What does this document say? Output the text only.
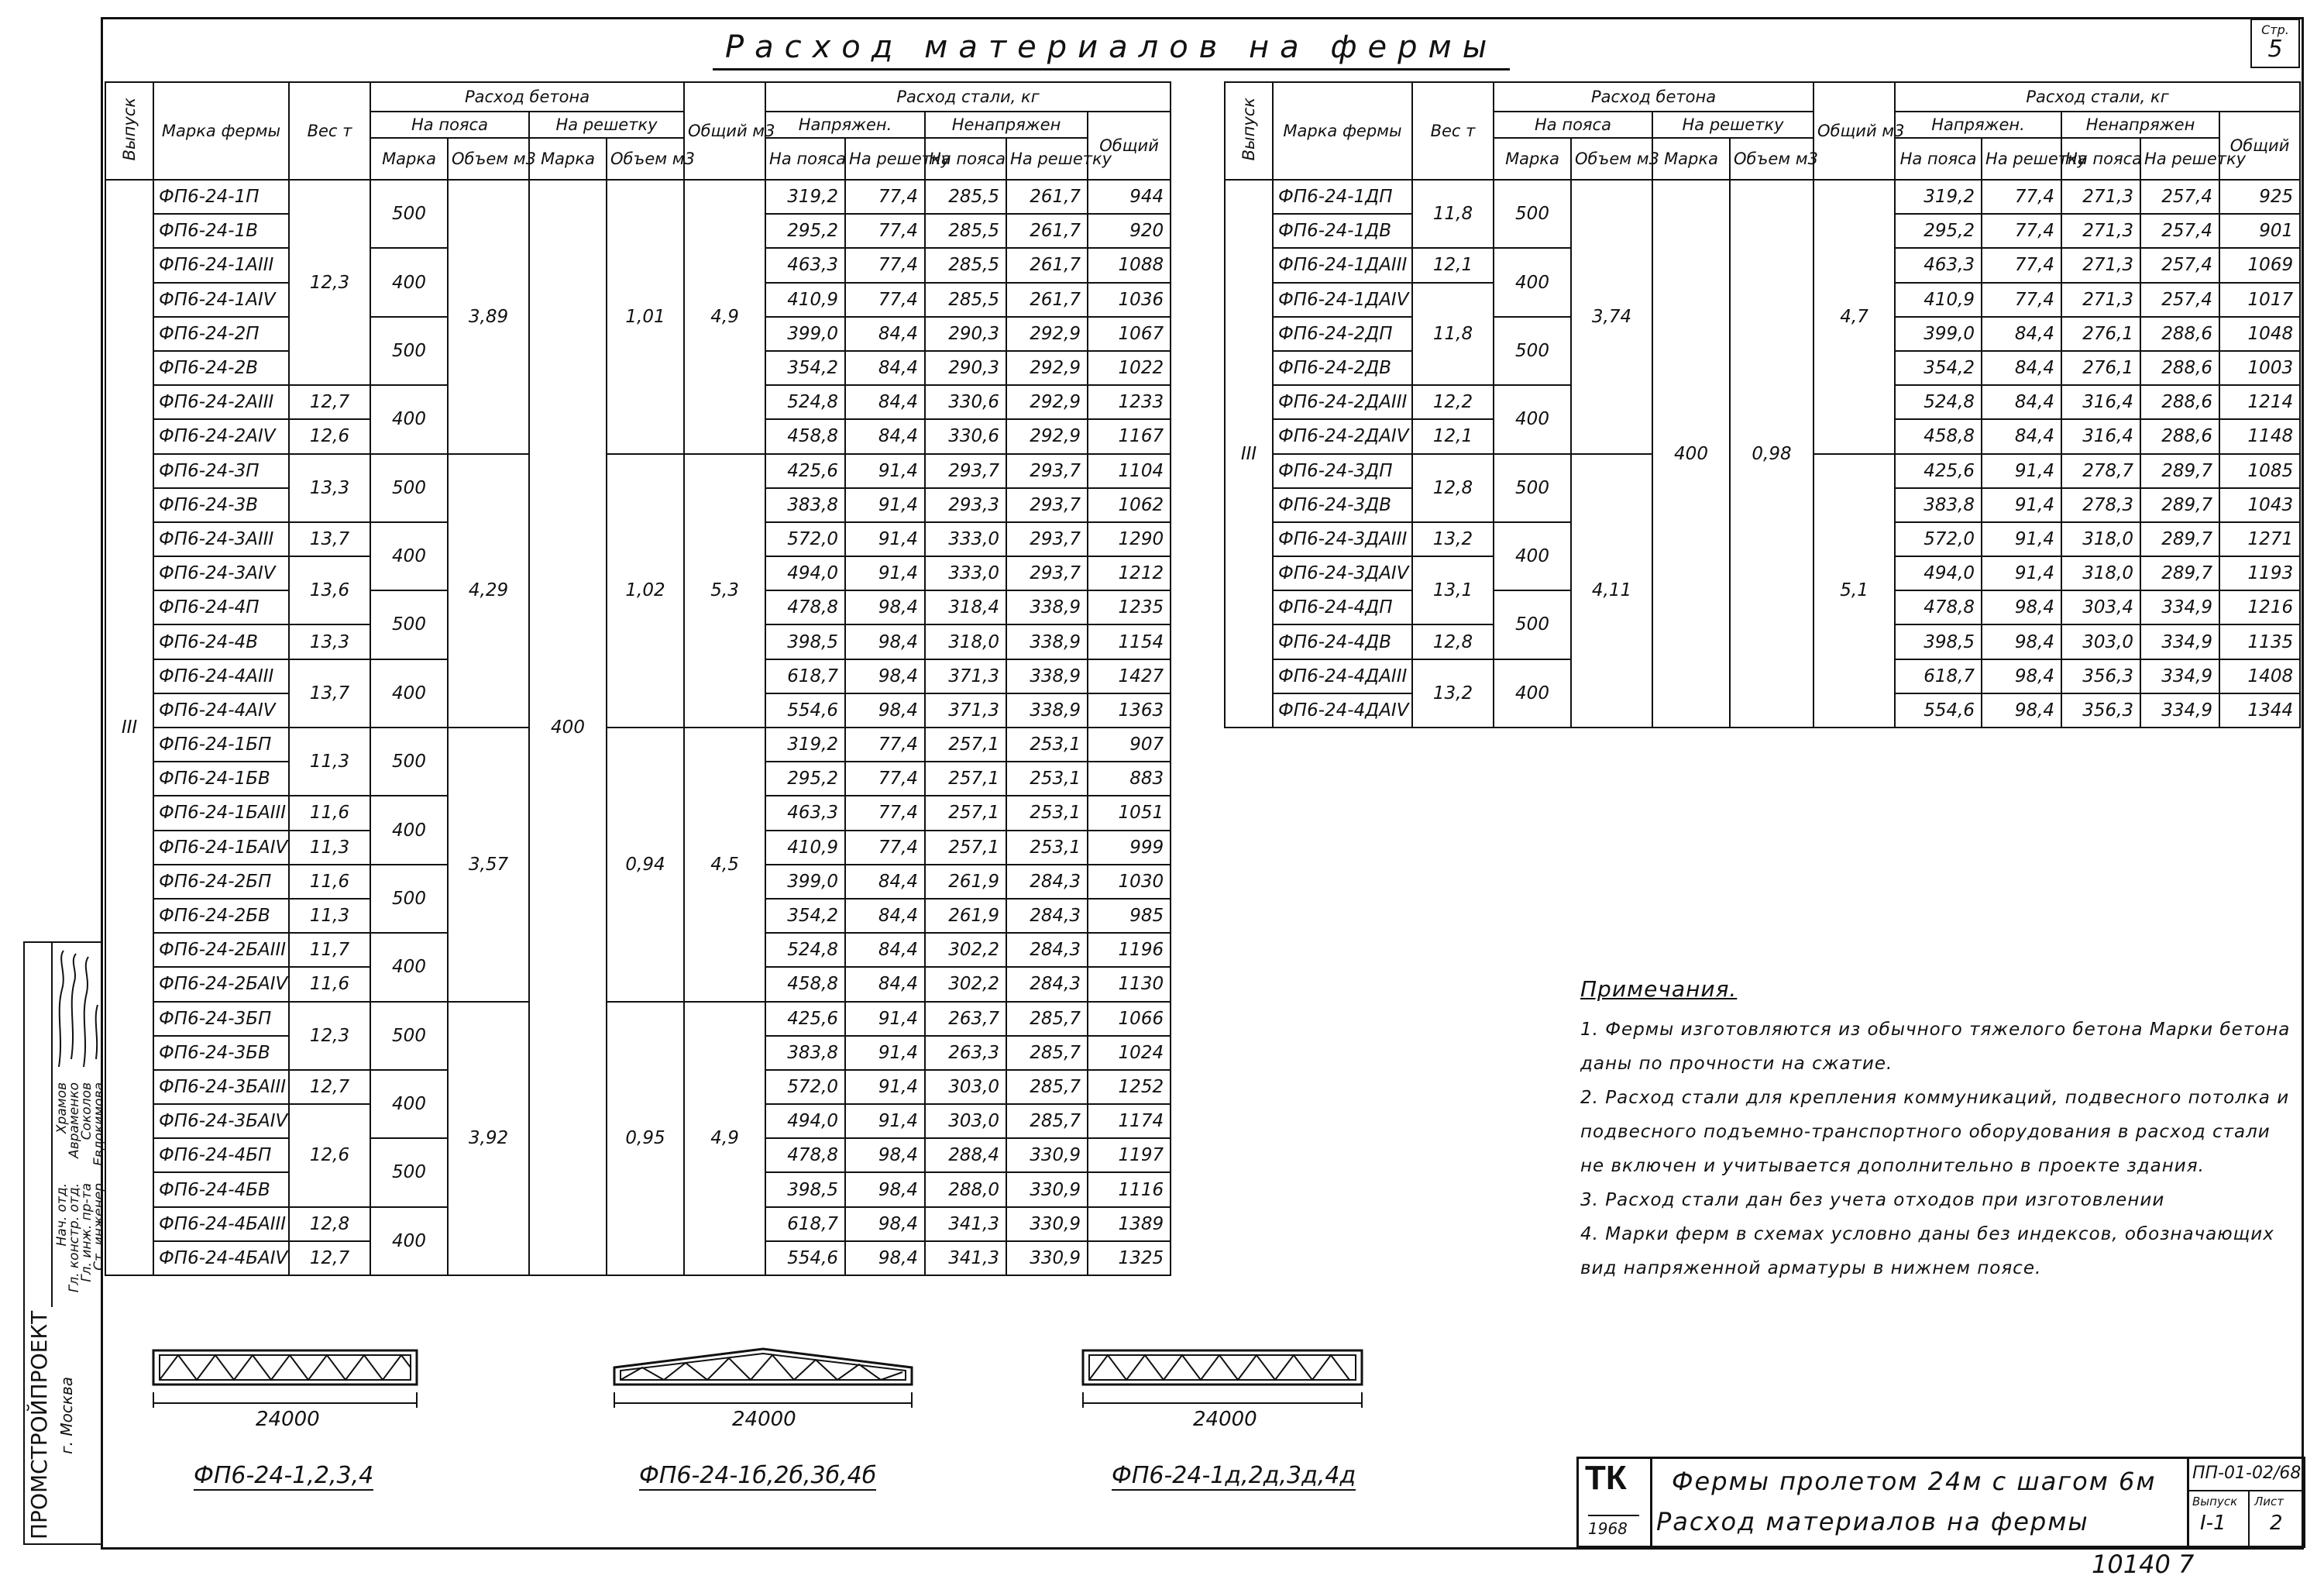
Расход материалов на фермы	Стр.
5
Выпуск	Марка фермы	Вес т	Расход бетона				Общий м3	Расход стали, кг				
			На пояса		На решетку			Напряжен.		Ненапряжен		Общий
			Марка	Объем м3	Марка	Объем м3		На пояса	На решетку	На пояса	На решетку	
III	ФП6-24-1П	12,3	500	3,89	400	1,01	4,9	319,2	77,4	285,5	261,7	944
	ФП6-24-1В							295,2	77,4	285,5	261,7	920
	ФП6-24-1АIII		400					463,3	77,4	285,5	261,7	1088
	ФП6-24-1АIV							410,9	77,4	285,5	261,7	1036
	ФП6-24-2П		500					399,0	84,4	290,3	292,9	1067
	ФП6-24-2В							354,2	84,4	290,3	292,9	1022
	ФП6-24-2АIII	12,7	400					524,8	84,4	330,6	292,9	1233
	ФП6-24-2АIV	12,6						458,8	84,4	330,6	292,9	1167
	ФП6-24-3П	13,3	500	4,29		1,02	5,3	425,6	91,4	293,7	293,7	1104
	ФП6-24-3В							383,8	91,4	293,3	293,7	1062
	ФП6-24-3АIII	13,7	400					572,0	91,4	333,0	293,7	1290
	ФП6-24-3АIV	13,6						494,0	91,4	333,0	293,7	1212
	ФП6-24-4П		500					478,8	98,4	318,4	338,9	1235
	ФП6-24-4В	13,3						398,5	98,4	318,0	338,9	1154
	ФП6-24-4АIII	13,7	400					618,7	98,4	371,3	338,9	1427
	ФП6-24-4АIV							554,6	98,4	371,3	338,9	1363
	ФП6-24-1БП	11,3	500	3,57		0,94	4,5	319,2	77,4	257,1	253,1	907
	ФП6-24-1БВ							295,2	77,4	257,1	253,1	883
	ФП6-24-1БАIII	11,6	400					463,3	77,4	257,1	253,1	1051
	ФП6-24-1БАIV	11,3						410,9	77,4	257,1	253,1	999
	ФП6-24-2БП	11,6	500					399,0	84,4	261,9	284,3	1030
	ФП6-24-2БВ	11,3						354,2	84,4	261,9	284,3	985
	ФП6-24-2БАIII	11,7	400					524,8	84,4	302,2	284,3	1196
	ФП6-24-2БАIV	11,6						458,8	84,4	302,2	284,3	1130
	ФП6-24-3БП	12,3	500	3,92		0,95	4,9	425,6	91,4	263,7	285,7	1066
	ФП6-24-3БВ							383,8	91,4	263,3	285,7	1024
	ФП6-24-3БАIII	12,7	400					572,0	91,4	303,0	285,7	1252
	ФП6-24-3БАIV	12,6						494,0	91,4	303,0	285,7	1174
	ФП6-24-4БП		500					478,8	98,4	288,4	330,9	1197
	ФП6-24-4БВ							398,5	98,4	288,0	330,9	1116
	ФП6-24-4БАIII	12,8	400					618,7	98,4	341,3	330,9	1389
	ФП6-24-4БАIV	12,7						554,6	98,4	341,3	330,9	1325
Выпуск	Марка фермы	Вес т	Расход бетона				Общий м3	Расход стали, кг				
			На пояса		На решетку			Напряжен.		Ненапряжен		Общий
			Марка	Объем м3	Марка	Объем м3		На пояса	На решетку	На пояса	На решетку	
III	ФП6-24-1ДП	11,8	500	3,74	400	0,98	4,7	319,2	77,4	271,3	257,4	925
	ФП6-24-1ДВ							295,2	77,4	271,3	257,4	901
	ФП6-24-1ДАIII	12,1	400					463,3	77,4	271,3	257,4	1069
	ФП6-24-1ДАIV	11,8						410,9	77,4	271,3	257,4	1017
	ФП6-24-2ДП		500					399,0	84,4	276,1	288,6	1048
	ФП6-24-2ДВ							354,2	84,4	276,1	288,6	1003
	ФП6-24-2ДАIII	12,2	400					524,8	84,4	316,4	288,6	1214
	ФП6-24-2ДАIV	12,1						458,8	84,4	316,4	288,6	1148
	ФП6-24-3ДП	12,8	500	4,11			5,1	425,6	91,4	278,7	289,7	1085
	ФП6-24-3ДВ							383,8	91,4	278,3	289,7	1043
	ФП6-24-3ДАIII	13,2	400					572,0	91,4	318,0	289,7	1271
	ФП6-24-3ДАIV	13,1						494,0	91,4	318,0	289,7	1193
	ФП6-24-4ДП		500					478,8	98,4	303,4	334,9	1216
	ФП6-24-4ДВ	12,8						398,5	98,4	303,0	334,9	1135
	ФП6-24-4ДАIII	13,2	400					618,7	98,4	356,3	334,9	1408
	ФП6-24-4ДАIV							554,6	98,4	356,3	334,9	1344
Примечания.
1. Фермы изготовляются из обычного тяжелого бетона Марки бетона даны по прочности на сжатие.
2. Расход стали для крепления коммуникаций, подвесного потолка и подвесного подъемно-транспортного оборудования в расход стали не включен и учитывается дополнительно в проекте здания.
3. Расход стали дан без учета отходов при изготовлении
4. Марки ферм в схемах условно даны без индексов, обозначающих вид напряженной арматуры в нижнем поясе.
24000
ФП6-24-1,2,3,4
24000
ФП6-24-1б,2б,3б,4б
24000
ФП6-24-1д,2д,3д,4д
ПРОМСТРОЙПРОЕКТ г. Москва
Нач. отд.
Храмов
Гл. констр. отд.
Авраменко
Гл. инж. пр-та
Соколов
Ст. инженер
Евдокимова
ТК
1968
Фермы пролетом 24м с шагом 6м
Расход материалов на фермы
ПП-01-02/68
Выпуск
I-1
Лист
2
10140 7
